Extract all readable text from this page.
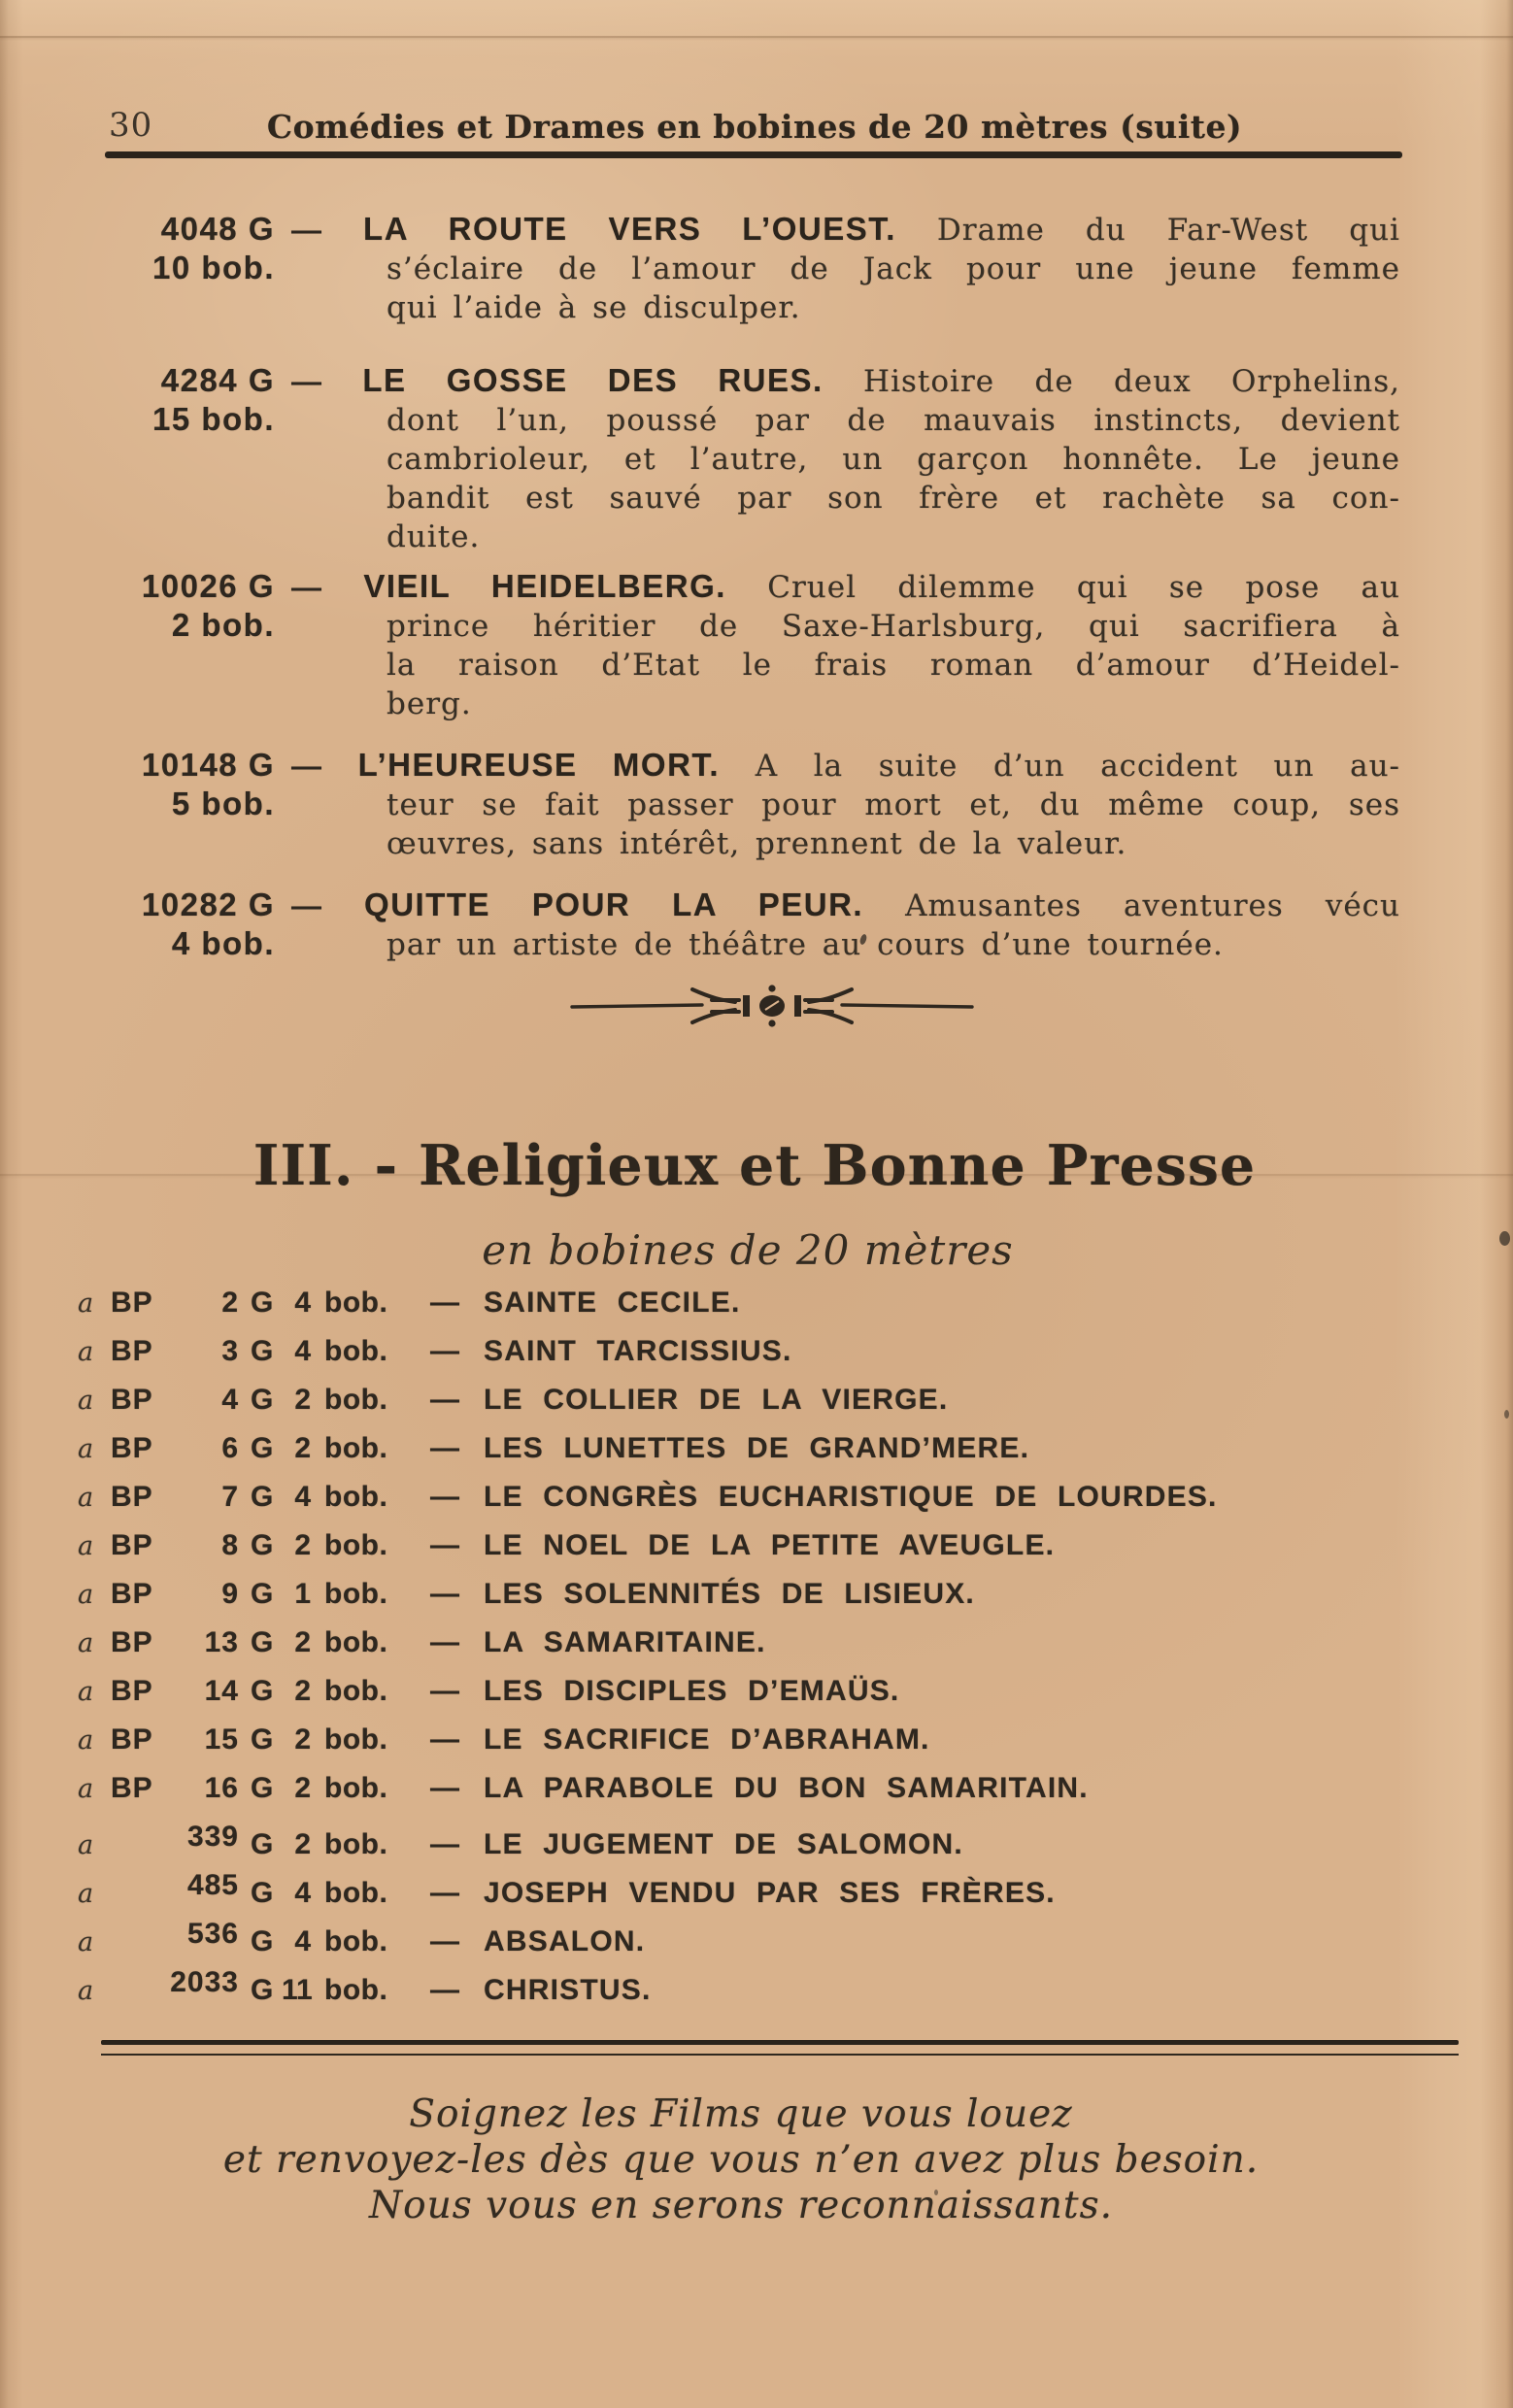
30	Comédies et Drames en bobines de 20 mètres (suite)
4048 G
10 bob.
— LA ROUTE VERS L’OUEST. Drame du Far-West qui
s’éclaire de l’amour de Jack pour une jeune femme
qui l’aide à se disculper.
4284 G
15 bob.
— LE GOSSE DES RUES. Histoire de deux Orphelins,
dont l’un, poussé par de mauvais instincts, devient
cambrioleur, et l’autre, un garçon honnête. Le jeune
bandit est sauvé par son frère et rachète sa con-
duite.
10026 G
2 bob.
— VIEIL HEIDELBERG. Cruel dilemme qui se pose au
prince héritier de Saxe-Harlsburg, qui sacrifiera à
la raison d’Etat le frais roman d’amour d’Heidel-
berg.
10148 G
5 bob.
— L’HEUREUSE MORT. A la suite d’un accident un au-
teur se fait passer pour mort et, du même coup, ses
œuvres, sans intérêt, prennent de la valeur.
10282 G
4 bob.
— QUITTE POUR LA PEUR. Amusantes aventures vécu
par un artiste de théâtre au cours d’une tournée.
III. - Religieux et Bonne Presse
en bobines de 20 mètres
a BP 2 G 4 bob.	— SAINTE CECILE.
a BP 3 G 4 bob.	— SAINT TARCISSIUS.
a BP 4 G 2 bob.	— LE COLLIER DE LA VIERGE.
a BP 6 G 2 bob.	— LES LUNETTES DE GRAND’MERE.
a BP 7 G 4 bob.	— LE CONGRÈS EUCHARISTIQUE DE LOURDES.
a BP 8 G 2 bob.	— LE NOEL DE LA PETITE AVEUGLE.
a BP 9 G 1 bob.	— LES SOLENNITÉS DE LISIEUX.
a BP 13 G 2 bob.	— LA SAMARITAINE.
a BP 14 G 2 bob.	— LES DISCIPLES D’EMAÜS.
a BP 15 G 2 bob.	— LE SACRIFICE D’ABRAHAM.
a BP 16 G 2 bob.	— LA PARABOLE DU BON SAMARITAIN.
a	339 G 2 bob.	— LE JUGEMENT DE SALOMON.
a	485 G 4 bob.	— JOSEPH VENDU PAR SES FRÈRES.
a	536 G 4 bob.	— ABSALON.
a	2033 G 11 bob.	— CHRISTUS.
Soignez les Films que vous louez
et renvoyez-les dès que vous n’en avez plus besoin.
Nous vous en serons reconnaissants.
